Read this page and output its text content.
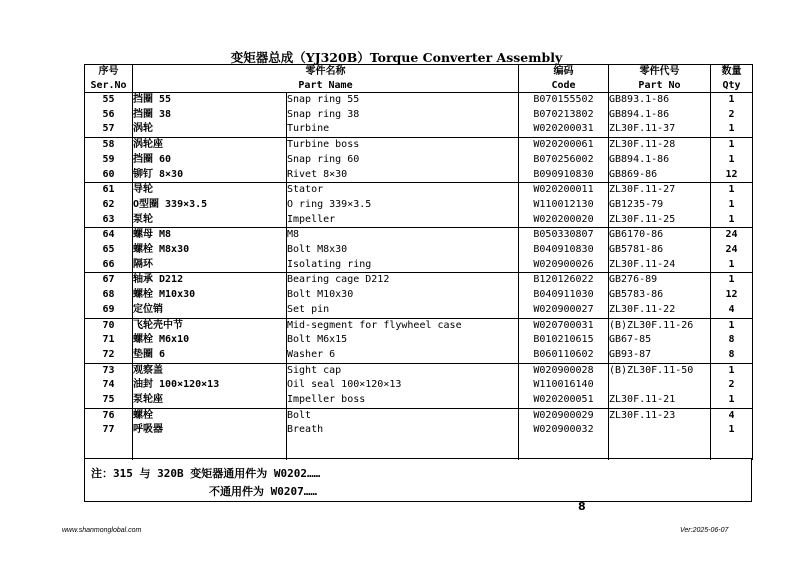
变矩器总成（YJ320B）Torque Converter Assembly
序号	零件名称		编码	零件代号	数量
Ser.No	Part Name		Code	Part No	Qty
55	挡圈 55	Snap ring 55	B070155502	GB893.1-86	1
56	挡圈 38	Snap ring 38	B070213802	GB894.1-86	2
57	涡轮	Turbine	W020200031	ZL30F.11-37	1
58	涡轮座	Turbine boss	W020200061	ZL30F.11-28	1
59	挡圈 60	Snap ring 60	B070256002	GB894.1-86	1
60	铆钉 8×30	Rivet 8×30	B090910830	GB869-86	12
61	导轮	Stator	W020200011	ZL30F.11-27	1
62	O型圈 339×3.5	O ring 339×3.5	W110012130	GB1235-79	1
63	泵轮	Impeller	W020200020	ZL30F.11-25	1
64	螺母 M8	M8	B050330807	GB6170-86	24
65	螺栓 M8x30	Bolt M8x30	B040910830	GB5781-86	24
66	隔环	Isolating ring	W020900026	ZL30F.11-24	1
67	轴承 D212	Bearing cage D212	B120126022	GB276-89	1
68	螺栓 M10x30	Bolt M10x30	B040911030	GB5783-86	12
69	定位销	Set pin	W020900027	ZL30F.11-22	4
70	飞轮壳中节	Mid-segment for flywheel case	W020700031	(B)ZL30F.11-26	1
71	螺栓 M6x10	Bolt M6x15	B010210615	GB67-85	8
72	垫圈 6	Washer 6	B060110602	GB93-87	8
73	观察盖	Sight cap	W020900028	(B)ZL30F.11-50	1
74	油封 100×120×13	Oil seal 100×120×13	W110016140		2
75	泵轮座	Impeller boss	W020200051	ZL30F.11-21	1
76	螺栓	Bolt	W020900029	ZL30F.11-23	4
77	呼吸器	Breath	W020900032		1

注：315 与 320B 变矩器通用件为 W0202……
不通用件为 W0207……
8
www.shanmonglobal.com	Ver:2025-06-07
